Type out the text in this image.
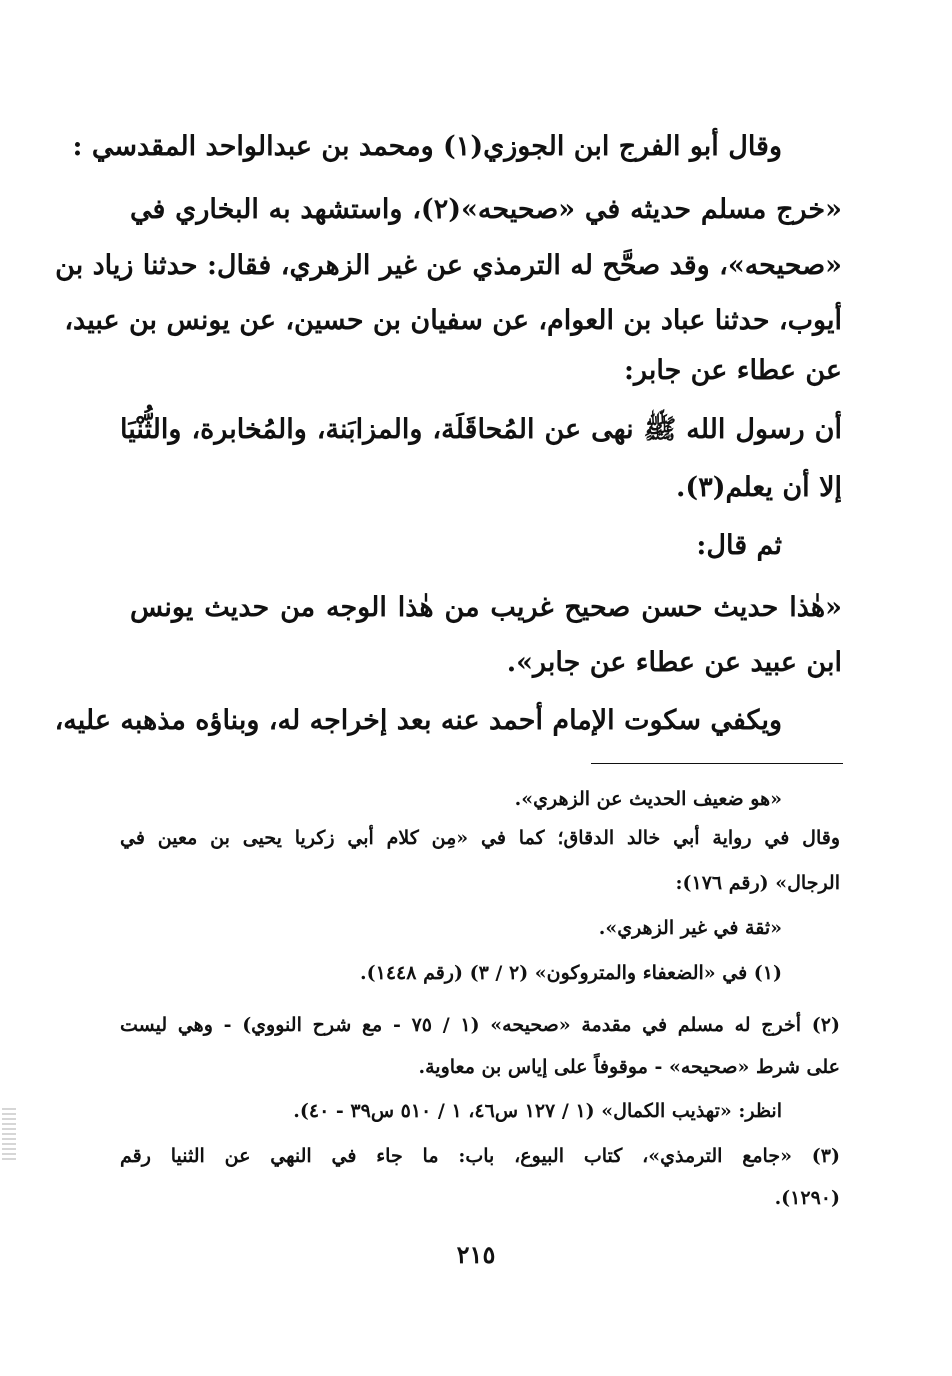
وقال أبو الفرج ابن الجوزي(١) ومحمد بن عبدالواحد المقدسي :
«خرج مسلم حديثه في «صحيحه»(٢)، واستشهد به البخاري في
«صحيحه»، وقد صحَّح له الترمذي عن غير الزهري، فقال: حدثنا زياد بن
أيوب، حدثنا عباد بن العوام، عن سفيان بن حسين، عن يونس بن عبيد،
عن عطاء عن جابر:
أن رسول الله ﷺ نهى عن المُحاقَلَة، والمزابَنة، والمُخابرة، والثُّنْيَا
إلا أن يعلم(٣).
ثم قال:
«هٰذا حديث حسن صحيح غريب من هٰذا الوجه من حديث يونس
ابن عبيد عن عطاء عن جابر».
ويكفي سكوت الإمام أحمد عنه بعد إخراجه له، وبناؤه مذهبه عليه،
«هو ضعيف الحديث عن الزهري».
وقال في رواية أبي خالد الدقاق؛ كما في «مِن كلام أبي زكريا يحيى بن معين في
الرجال» (رقم ١٧٦):
«ثقة في غير الزهري».
(١) في «الضعفاء والمتروكون» (٢ / ٣) (رقم ١٤٤٨).
(٢) أخرج له مسلم في مقدمة «صحيحه» (١ / ٧٥ - مع شرح النووي) - وهي ليست
على شرط «صحيحه» - موقوفاً على إياس بن معاوية.
انظر: «تهذيب الكمال» (١ / ١٢٧ س٤٦، ١ / ٥١٠ س٣٩ - ٤٠).
(٣) «جامع الترمذي»، كتاب البيوع، باب: ما جاء في النهي عن الثنيا رقم
(١٢٩٠).
٢١٥
